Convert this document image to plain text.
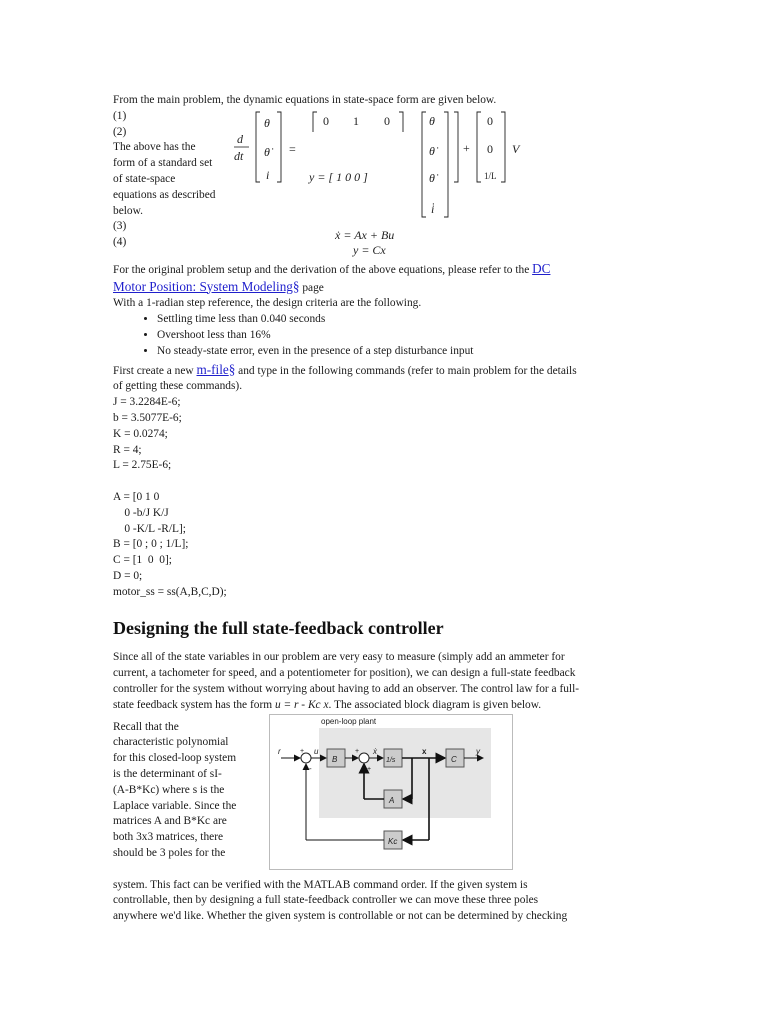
From the main problem, the dynamic equations in state-space form are given below.
(1)
(2)
The above has the
form of a standard set
of state-space
equations as described
below.
(3)
(4)
d
dt
θ
θ̇
i
=
0 1 0
y = [ 1 0 0 ]
θ
θ̇
θ̇
i̇
+
0
0
1/L
V
ẋ = Ax + Bu
y = Cx
For the original problem setup and the derivation of the above equations, please refer to the DC
Motor Position: System Modeling§ page
With a 1-radian step reference, the design criteria are the following.
• Settling time less than 0.040 seconds
• Overshoot less than 16%
• No steady-state error, even in the presence of a step disturbance input
First create a new m-file§ and type in the following commands (refer to main problem for the details
of getting these commands).
J = 3.2284E-6;
b = 3.5077E-6;
K = 0.0274;
R = 4;
L = 2.75E-6;
A = [0 1 0
0 -b/J K/J
0 -K/L -R/L];
B = [0 ; 0 ; 1/L];
C = [1  0  0];
D = 0;
motor_ss = ss(A,B,C,D);
Designing the full state-feedback controller
Since all of the state variables in our problem are very easy to measure (simply add an ammeter for
current, a tachometer for speed, and a potentiometer for position), we can design a full-state feedback
controller for the system without worrying about having to add an observer. The control law for a full-
state feedback system has the form u = r - Kc x. The associated block diagram is given below.
Recall that the
characteristic polynomial
for this closed-loop system
is the determinant of sI-
(A-B*Kc) where s is the
Laplace variable. Since the
matrices A and B*Kc are
both 3x3 matrices, there
should be 3 poles for the
open-loop plant
r	+
-
u
B
+
+
ẋ
1/s
x
C
y
A
Kc
system. This fact can be verified with the MATLAB command order. If the given system is
controllable, then by designing a full state-feedback controller we can move these three poles
anywhere we'd like. Whether the given system is controllable or not can be determined by checking
